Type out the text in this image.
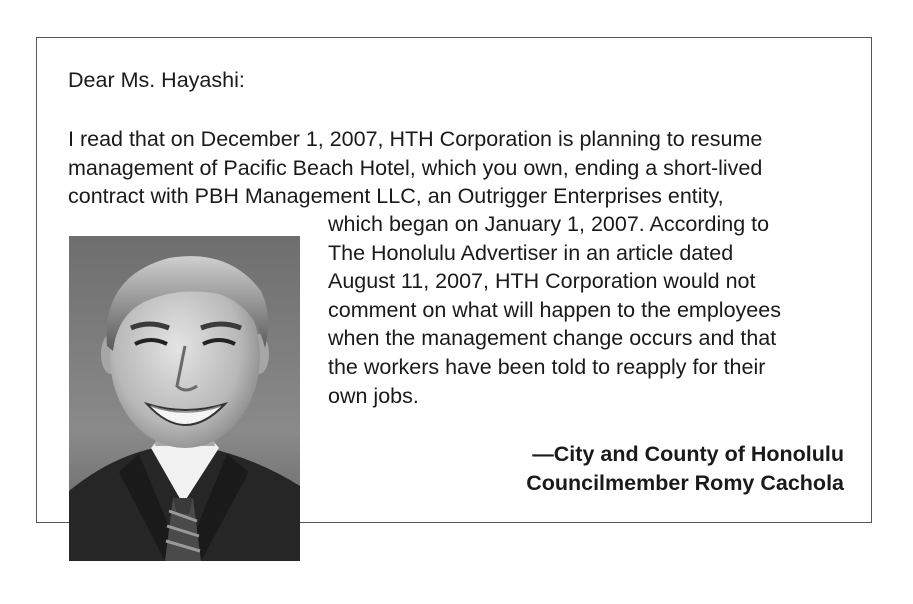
Dear Ms. Hayashi:

I read that on December 1, 2007, HTH Corporation is planning to resume
management of Pacific Beach Hotel, which you own, ending a short-lived
contract with PBH Management LLC, an Outrigger Enterprises entity,

which began on January 1, 2007. According to
The Honolulu Advertiser in an article dated
August 11, 2007, HTH Corporation would not
comment on what will happen to the employees
when the management change occurs and that
the workers have been told to reapply for their
own jobs.

—City and County of Honolulu
Councilmember Romy Cachola
